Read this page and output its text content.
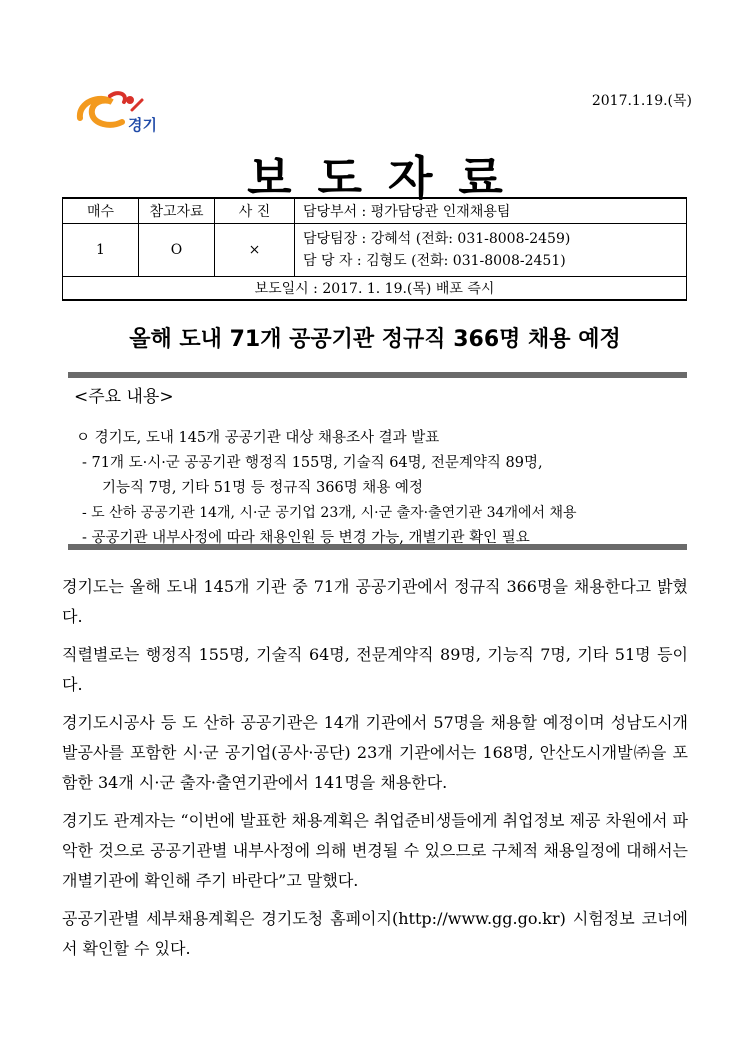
2017.1.19.(목)
경기
보도자료
매수	참고자료	사 진	담당부서 : 평가담당관 인재채용팀
1	O	×	담당팀장 : 강혜석 (전화: 031-8008-2459)
담 당 자 : 김형도 (전화: 031-8008-2451)

보도일시 : 2017. 1. 19.(목) 배포 즉시			
올해 도내 71개 공공기관 정규직 366명 채용 예정
<주요 내용>
ㅇ 경기도, 도내 145개 공공기관 대상 채용조사 결과 발표
- 71개 도·시·군 공공기관 행정직 155명, 기술직 64명, 전문계약직 89명,
기능직 7명, 기타 51명 등 정규직 366명 채용 예정
- 도 산하 공공기관 14개, 시·군 공기업 23개, 시·군 출자·출연기관 34개에서 채용
- 공공기관 내부사정에 따라 채용인원 등 변경 가능, 개별기관 확인 필요

경기도는 올해 도내 145개 기관 중 71개 공공기관에서 정규직 366명을 채용한다고 밝혔다.

직렬별로는 행정직 155명, 기술직 64명, 전문계약직 89명, 기능직 7명, 기타 51명 등이다.

경기도시공사 등 도 산하 공공기관은 14개 기관에서 57명을 채용할 예정이며 성남도시개발공사를 포함한 시·군 공기업(공사·공단) 23개 기관에서는 168명, 안산도시개발㈜을 포함한 34개 시·군 출자·출연기관에서 141명을 채용한다.

경기도 관계자는 “이번에 발표한 채용계획은 취업준비생들에게 취업정보 제공 차원에서 파악한 것으로 공공기관별 내부사정에 의해 변경될 수 있으므로 구체적 채용일정에 대해서는 개별기관에 확인해 주기 바란다”고 말했다.

공공기관별 세부채용계획은 경기도청 홈페이지(http://www.gg.go.kr) 시험정보 코너에서 확인할 수 있다.
